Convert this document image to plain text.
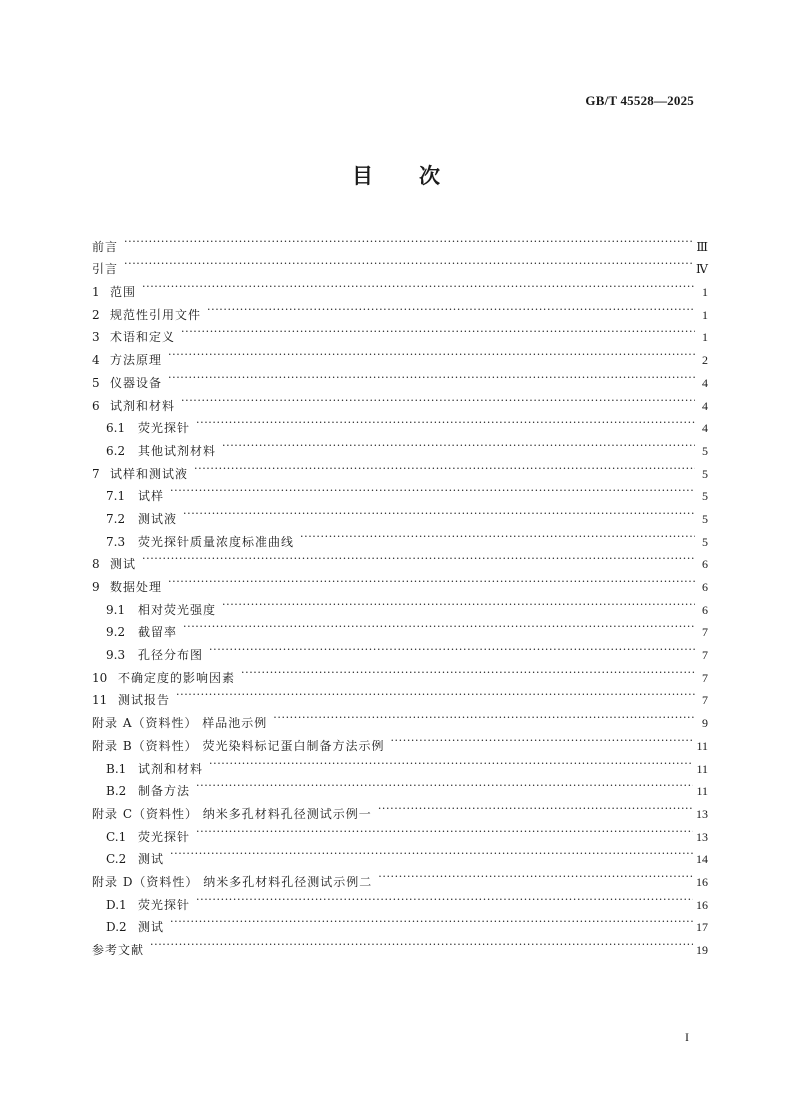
GB/T 45528—2025
目次
前言 ·····	Ⅲ
引言 ·····	Ⅳ
1 范围 ·····	1
2 规范性引用文件 ·····	1
3 术语和定义 ·····	1
4 方法原理 ·····	2
5 仪器设备 ·····	4
6 试剂和材料 ·····	4
6.1	荧光探针 ·····	4
6.2	其他试剂材料 ·····	5
7 试样和测试液 ·····	5
7.1	试样 ·····	5
7.2	测试液 ·····	5
7.3	荧光探针质量浓度标准曲线 ·····	5
8 测试 ·····	6
9 数据处理 ·····	6
9.1	相对荧光强度 ·····	6
9.2	截留率 ·····	7
9.3	孔径分布图 ·····	7
10 不确定度的影响因素 ·····	7
11 测试报告 ·····	7
附录 A（资料性） 样品池示例 ·····	9
附录 B（资料性） 荧光染料标记蛋白制备方法示例 ·····	11
B.1 试剂和材料 ·····	11
B.2 制备方法 ·····	11
附录 C（资料性） 纳米多孔材料孔径测试示例一 ·····	13
C.1 荧光探针 ·····	13
C.2 测试 ·····	14
附录 D（资料性） 纳米多孔材料孔径测试示例二 ·····	16
D.1 荧光探针 ·····	16
D.2 测试 ·····	17
参考文献 ·····	19
I
